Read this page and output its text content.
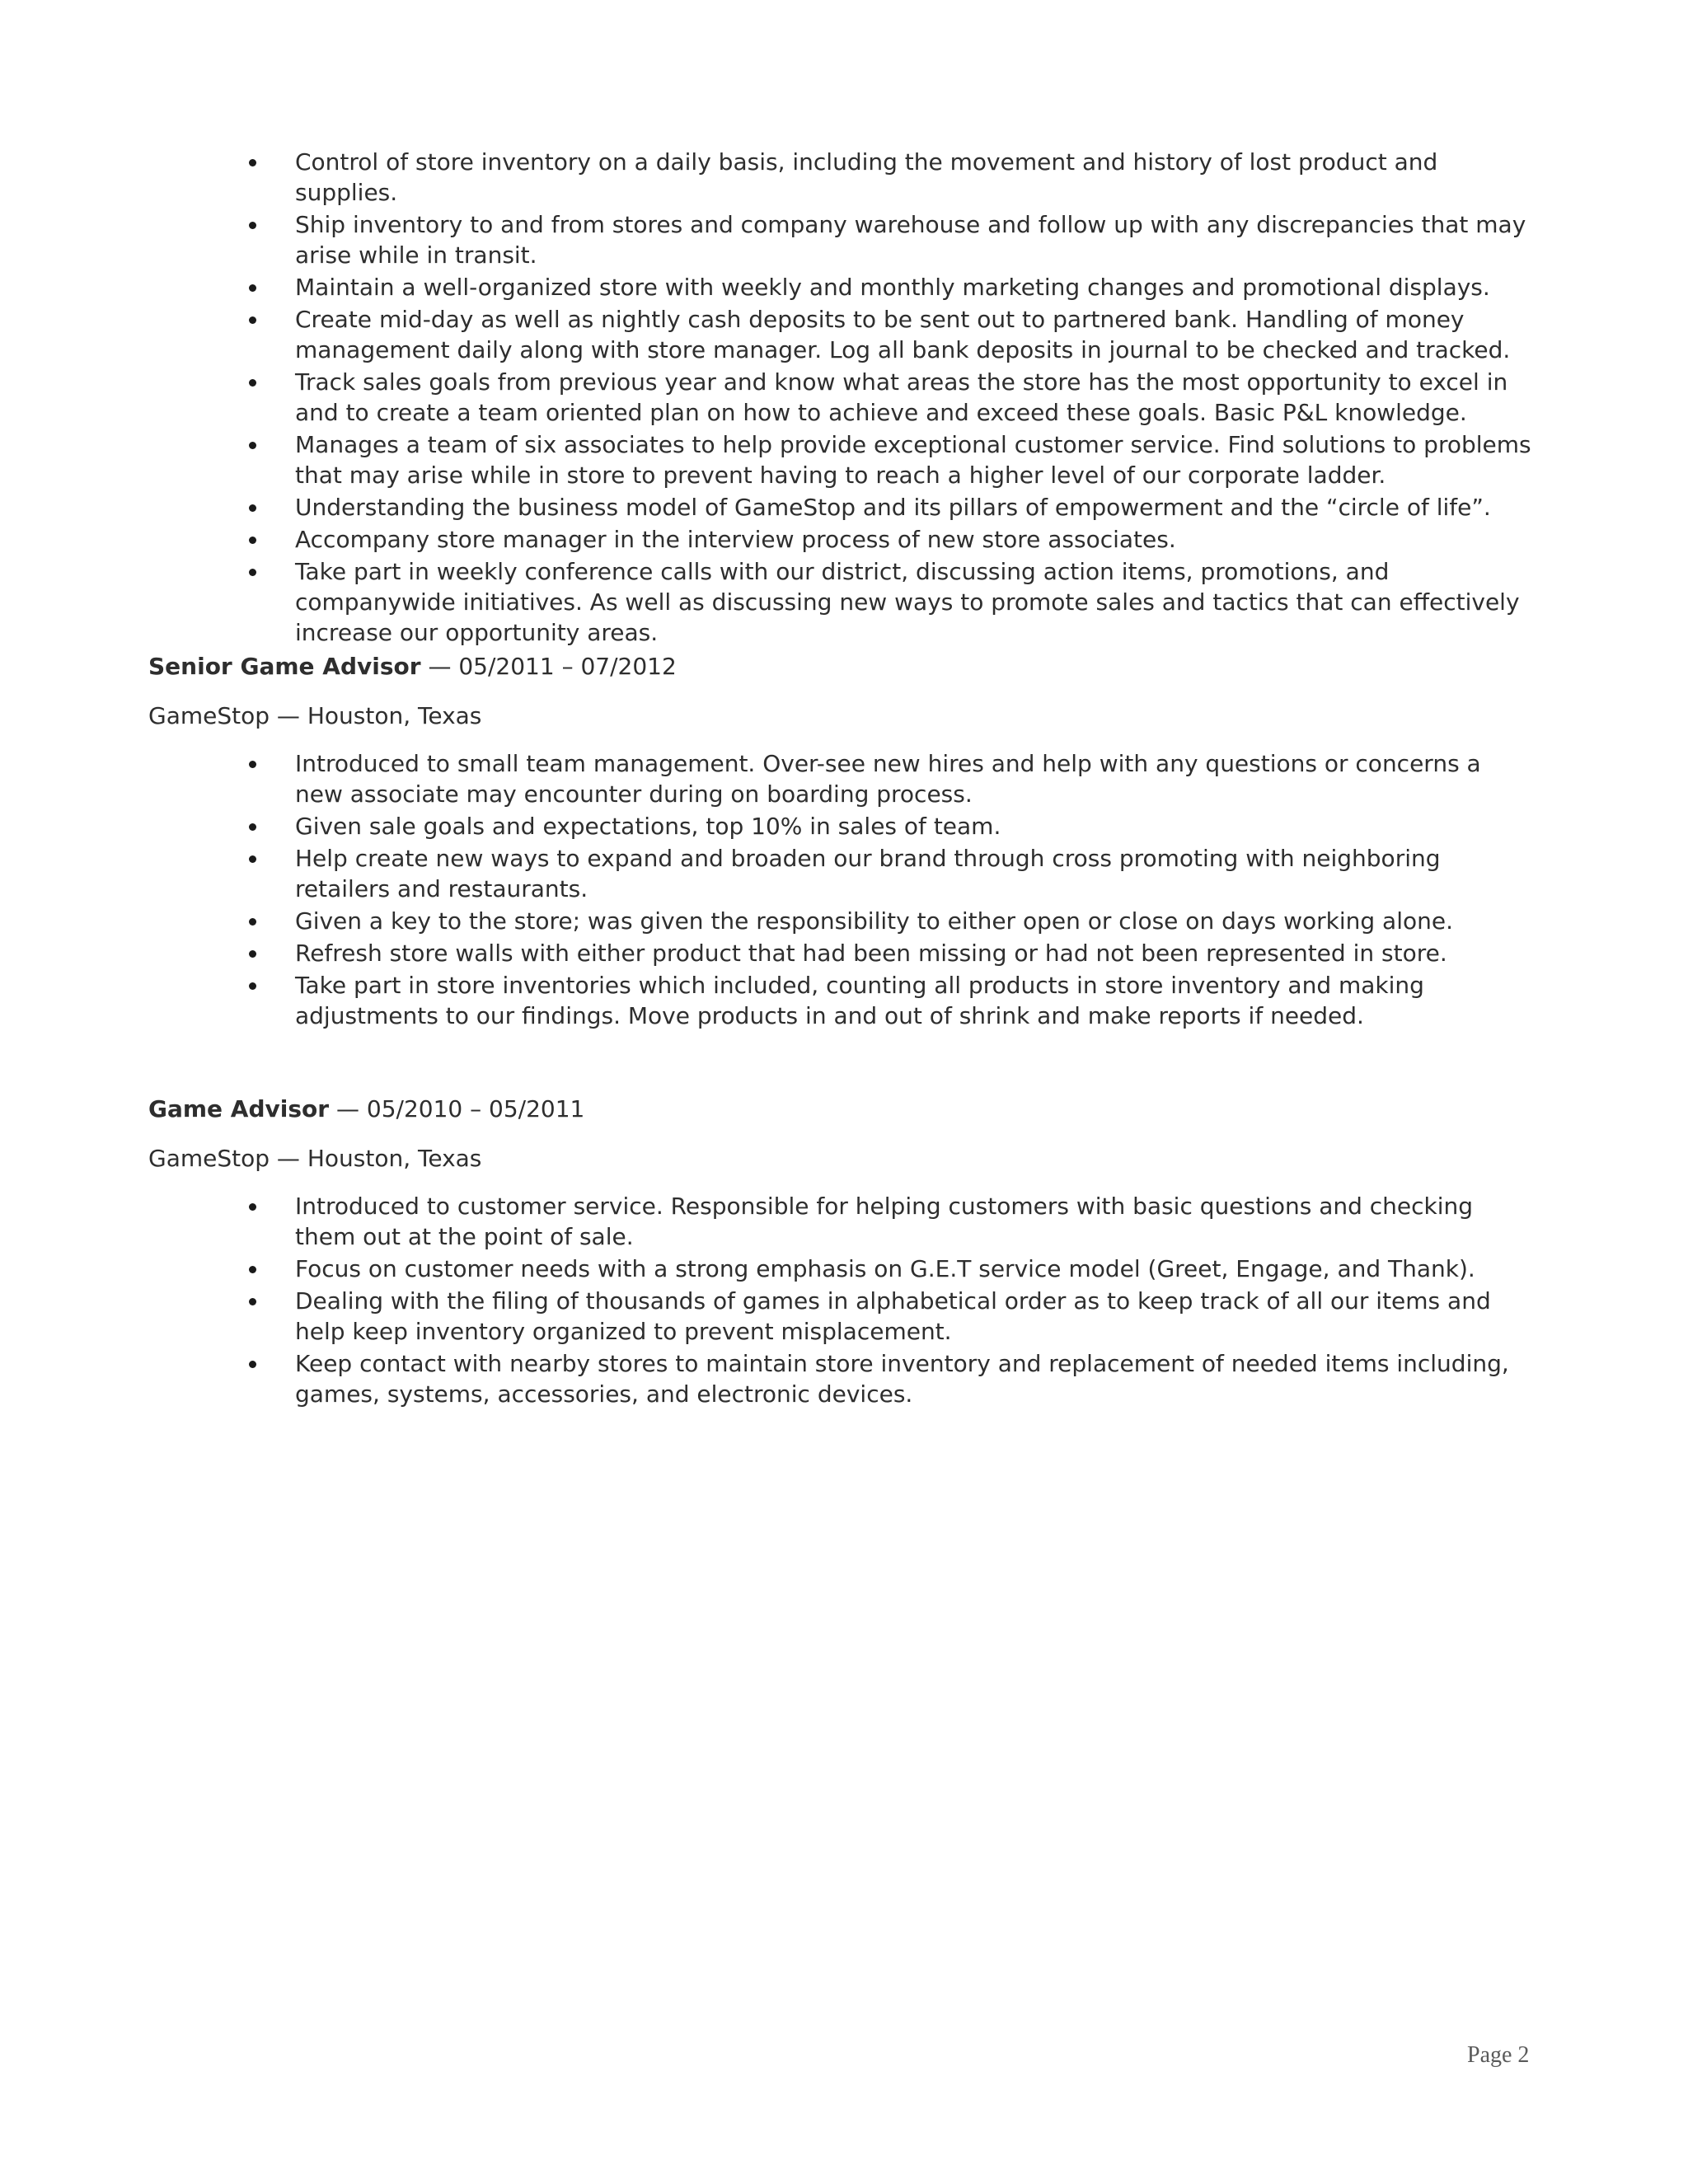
Control of store inventory on a daily basis, including the movement and history of lost product and supplies.
Ship inventory to and from stores and company warehouse and follow up with any discrepancies that may arise while in transit.
Maintain a well-organized store with weekly and monthly marketing changes and promotional displays.
Create mid-day as well as nightly cash deposits to be sent out to partnered bank. Handling of money management daily along with store manager. Log all bank deposits in journal to be checked and tracked.
Track sales goals from previous year and know what areas the store has the most opportunity to excel in and to create a team oriented plan on how to achieve and exceed these goals. Basic P&L knowledge.
Manages a team of six associates to help provide exceptional customer service. Find solutions to problems that may arise while in store to prevent having to reach a higher level of our corporate ladder.
Understanding the business model of GameStop and its pillars of empowerment and the “circle of life”.
Accompany store manager in the interview process of new store associates.
Take part in weekly conference calls with our district, discussing action items, promotions, and companywide initiatives. As well as discussing new ways to promote sales and tactics that can effectively increase our opportunity areas.
Senior Game Advisor — 05/2011 – 07/2012
GameStop — Houston, Texas
Introduced to small team management. Over-see new hires and help with any questions or concerns a new associate may encounter during on boarding process.
Given sale goals and expectations, top 10% in sales of team.
Help create new ways to expand and broaden our brand through cross promoting with neighboring retailers and restaurants.
Given a key to the store; was given the responsibility to either open or close on days working alone.
Refresh store walls with either product that had been missing or had not been represented in store.
Take part in store inventories which included, counting all products in store inventory and making adjustments to our findings. Move products in and out of shrink and make reports if needed.
Game Advisor — 05/2010 – 05/2011
GameStop — Houston, Texas
Introduced to customer service. Responsible for helping customers with basic questions and checking them out at the point of sale.
Focus on customer needs with a strong emphasis on G.E.T service model (Greet, Engage, and Thank).
Dealing with the filing of thousands of games in alphabetical order as to keep track of all our items and help keep inventory organized to prevent misplacement.
Keep contact with nearby stores to maintain store inventory and replacement of needed items including, games, systems, accessories, and electronic devices.
Page 2
